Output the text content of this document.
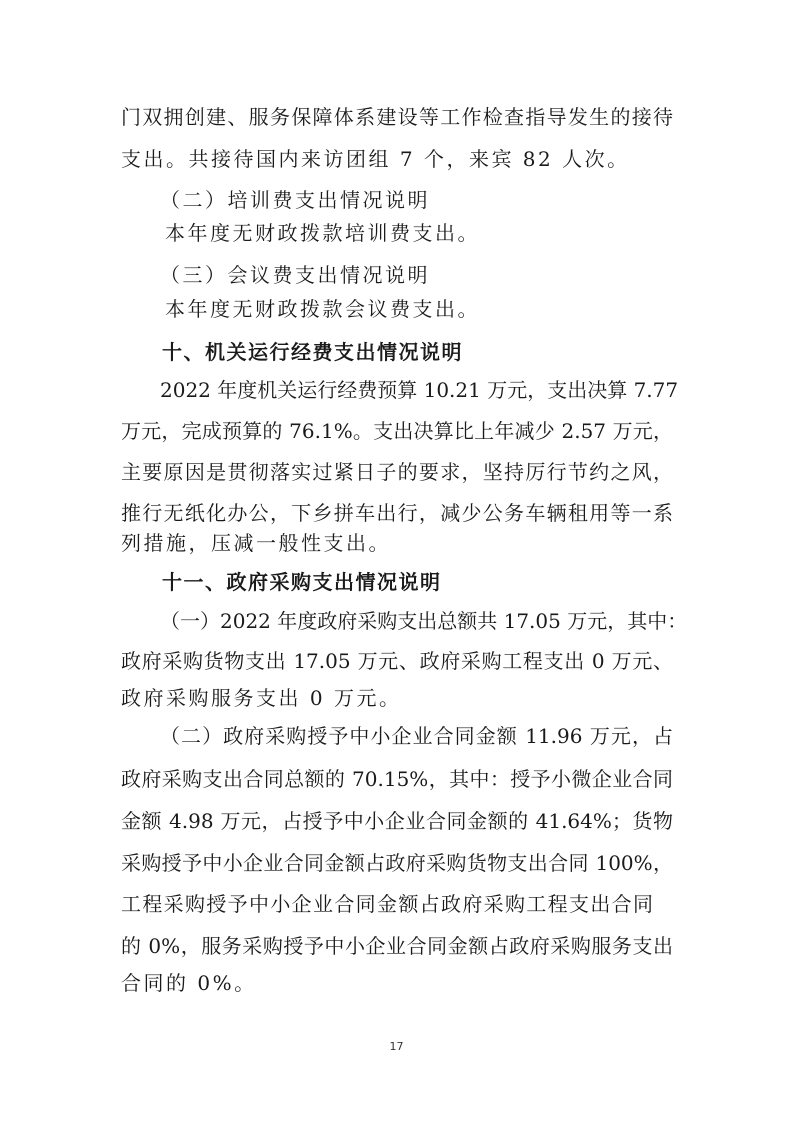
门双拥创建、服务保障体系建设等工作检查指导发生的接待
支出。共接待国内来访团组 7 个，来宾 82 人次。
（二）培训费支出情况说明
本年度无财政拨款培训费支出。
（三）会议费支出情况说明
本年度无财政拨款会议费支出。
十、机关运行经费支出情况说明
2022 年度机关运行经费预算 10.21 万元，支出决算 7.77
万元，完成预算的 76.1%。支出决算比上年减少 2.57 万元，
主要原因是贯彻落实过紧日子的要求，坚持厉行节约之风，
推行无纸化办公，下乡拼车出行，减少公务车辆租用等一系
列措施，压减一般性支出。
十一、政府采购支出情况说明
（一）2022 年度政府采购支出总额共 17.05 万元，其中：
政府采购货物支出 17.05 万元、政府采购工程支出 0 万元、
政府采购服务支出 0 万元。
（二）政府采购授予中小企业合同金额 11.96 万元，占
政府采购支出合同总额的 70.15%，其中：授予小微企业合同
金额 4.98 万元，占授予中小企业合同金额的 41.64%；货物
采购授予中小企业合同金额占政府采购货物支出合同 100%，
工程采购授予中小企业合同金额占政府采购工程支出合同
的 0%，服务采购授予中小企业合同金额占政府采购服务支出
合同的 0%。
17
